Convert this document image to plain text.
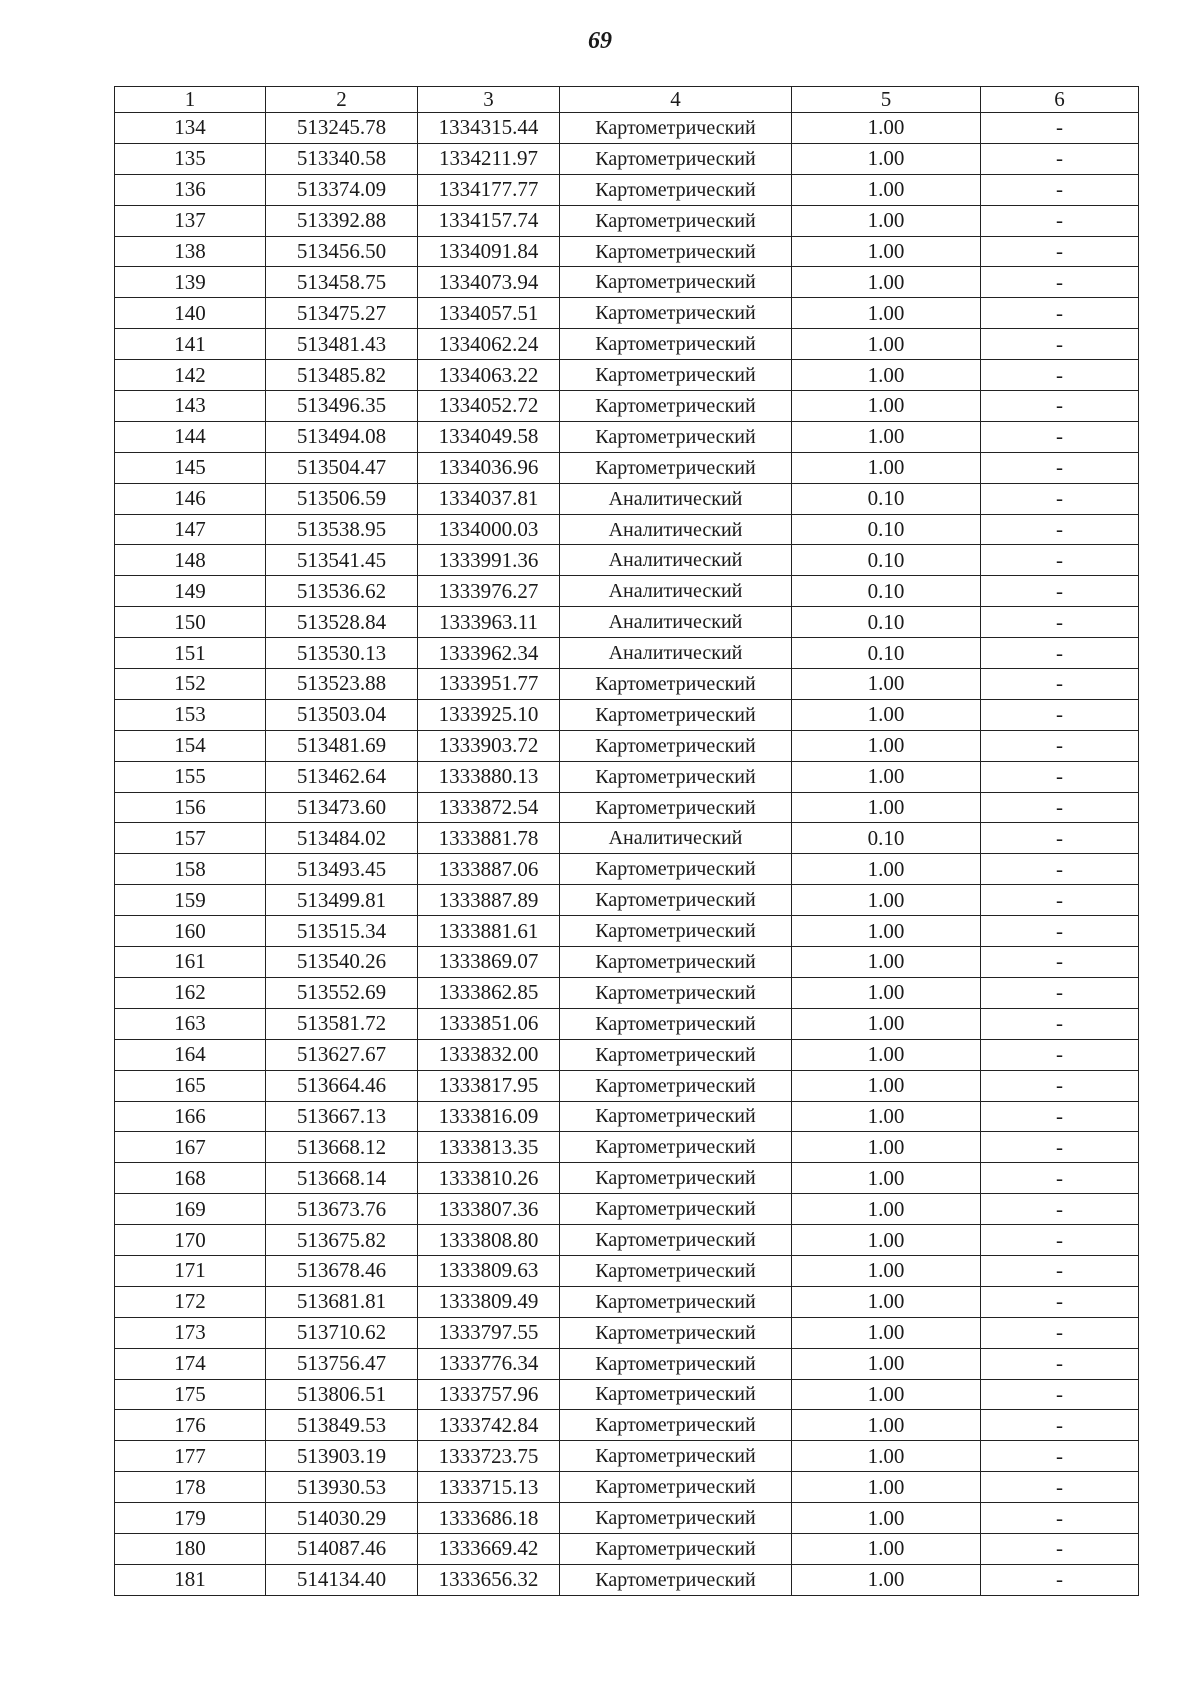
69
1	2	3	4	5	6
134	513245.78	1334315.44	Картометрический	1.00	-
135	513340.58	1334211.97	Картометрический	1.00	-
136	513374.09	1334177.77	Картометрический	1.00	-
137	513392.88	1334157.74	Картометрический	1.00	-
138	513456.50	1334091.84	Картометрический	1.00	-
139	513458.75	1334073.94	Картометрический	1.00	-
140	513475.27	1334057.51	Картометрический	1.00	-
141	513481.43	1334062.24	Картометрический	1.00	-
142	513485.82	1334063.22	Картометрический	1.00	-
143	513496.35	1334052.72	Картометрический	1.00	-
144	513494.08	1334049.58	Картометрический	1.00	-
145	513504.47	1334036.96	Картометрический	1.00	-
146	513506.59	1334037.81	Аналитический	0.10	-
147	513538.95	1334000.03	Аналитический	0.10	-
148	513541.45	1333991.36	Аналитический	0.10	-
149	513536.62	1333976.27	Аналитический	0.10	-
150	513528.84	1333963.11	Аналитический	0.10	-
151	513530.13	1333962.34	Аналитический	0.10	-
152	513523.88	1333951.77	Картометрический	1.00	-
153	513503.04	1333925.10	Картометрический	1.00	-
154	513481.69	1333903.72	Картометрический	1.00	-
155	513462.64	1333880.13	Картометрический	1.00	-
156	513473.60	1333872.54	Картометрический	1.00	-
157	513484.02	1333881.78	Аналитический	0.10	-
158	513493.45	1333887.06	Картометрический	1.00	-
159	513499.81	1333887.89	Картометрический	1.00	-
160	513515.34	1333881.61	Картометрический	1.00	-
161	513540.26	1333869.07	Картометрический	1.00	-
162	513552.69	1333862.85	Картометрический	1.00	-
163	513581.72	1333851.06	Картометрический	1.00	-
164	513627.67	1333832.00	Картометрический	1.00	-
165	513664.46	1333817.95	Картометрический	1.00	-
166	513667.13	1333816.09	Картометрический	1.00	-
167	513668.12	1333813.35	Картометрический	1.00	-
168	513668.14	1333810.26	Картометрический	1.00	-
169	513673.76	1333807.36	Картометрический	1.00	-
170	513675.82	1333808.80	Картометрический	1.00	-
171	513678.46	1333809.63	Картометрический	1.00	-
172	513681.81	1333809.49	Картометрический	1.00	-
173	513710.62	1333797.55	Картометрический	1.00	-
174	513756.47	1333776.34	Картометрический	1.00	-
175	513806.51	1333757.96	Картометрический	1.00	-
176	513849.53	1333742.84	Картометрический	1.00	-
177	513903.19	1333723.75	Картометрический	1.00	-
178	513930.53	1333715.13	Картометрический	1.00	-
179	514030.29	1333686.18	Картометрический	1.00	-
180	514087.46	1333669.42	Картометрический	1.00	-
181	514134.40	1333656.32	Картометрический	1.00	-
